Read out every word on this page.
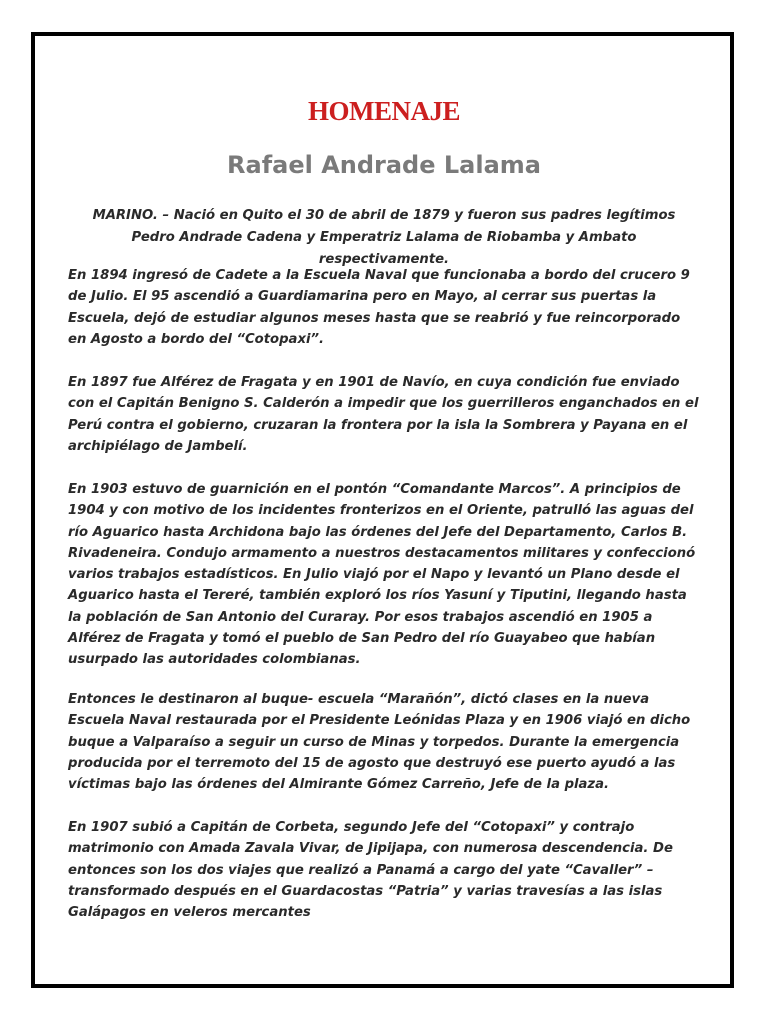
HOMENAJE
Rafael Andrade Lalama

MARINO. – Nació en Quito el 30 de abril de 1879 y fueron sus padres legítimos Pedro Andrade Cadena y Emperatriz Lalama de Riobamba y Ambato respectivamente.

En 1894 ingresó de Cadete a la Escuela Naval que funcionaba a bordo del crucero 9 de Julio. El 95 ascendió a Guardiamarina pero en Mayo, al cerrar sus puertas la Escuela, dejó de estudiar algunos meses hasta que se reabrió y fue reincorporado en Agosto a bordo del “Cotopaxi”.

En 1897 fue Alférez de Fragata y en 1901 de Navío, en cuya condición fue enviado con el Capitán Benigno S. Calderón a impedir que los guerrilleros enganchados en el Perú contra el gobierno, cruzaran la frontera por la isla la Sombrera y Payana en el archipiélago de Jambelí.

En 1903 estuvo de guarnición en el pontón “Comandante Marcos”. A principios de 1904 y con motivo de los incidentes fronterizos en el Oriente, patrulló las aguas del río Aguarico hasta Archidona bajo las órdenes del Jefe del Departamento, Carlos B. Rivadeneira. Condujo armamento a nuestros destacamentos militares y confeccionó varios trabajos estadísticos. En Julio viajó por el Napo y levantó un Plano desde el Aguarico hasta el Tereré, también exploró los ríos Yasuní y Tiputini, llegando hasta la población de San Antonio del Curaray. Por esos trabajos ascendió en 1905 a Alférez de Fragata y tomó el pueblo de San Pedro del río Guayabeo que habían usurpado las autoridades colombianas.

Entonces le destinaron al buque- escuela “Marañón”, dictó clases en la nueva Escuela Naval restaurada por el Presidente Leónidas Plaza y en 1906 viajó en dicho buque a Valparaíso a seguir un curso de Minas y torpedos. Durante la emergencia producida por el terremoto del 15 de agosto que destruyó ese puerto ayudó a las víctimas bajo las órdenes del Almirante Gómez Carreño, Jefe de la plaza.

En 1907 subió a Capitán de Corbeta, segundo Jefe del “Cotopaxi” y contrajo matrimonio con Amada Zavala Vivar, de Jipijapa, con numerosa descendencia. De entonces son los dos viajes que realizó a Panamá a cargo del yate “Cavaller” – transformado después en el Guardacostas “Patria” y varias travesías a las islas Galápagos en veleros mercantes
